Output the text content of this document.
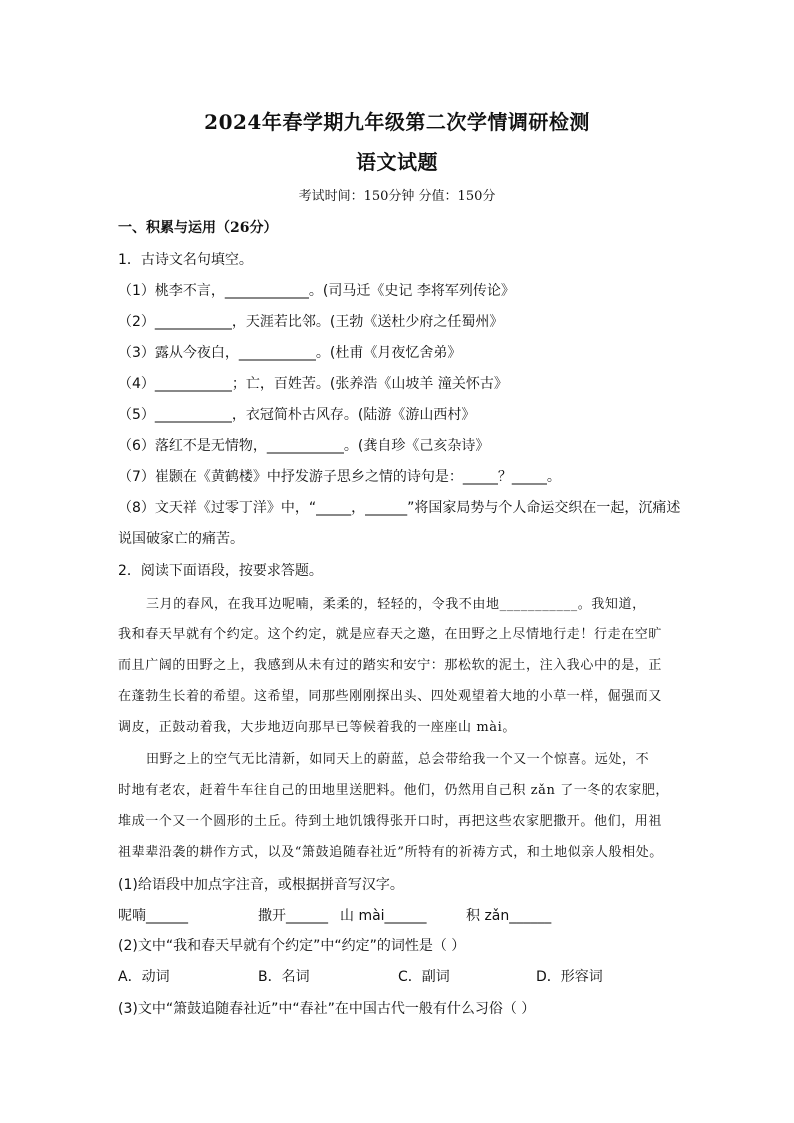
2024年春学期九年级第二次学情调研检测
语文试题
考试时间：150分钟 分值：150分
一、积累与运用（26分）
1．古诗文名句填空。
（1）桃李不言，____________。(司马迁《史记 李将军列传论》
（2）___________，天涯若比邻。(王勃《送杜少府之任蜀州》
（3）露从今夜白，___________。(杜甫《月夜忆舍弟》
（4）___________；亡，百姓苦。(张养浩《山坡羊 潼关怀古》
（5）___________，衣冠简朴古风存。(陆游《游山西村》
（6）落红不是无情物，___________。(龚自珍《己亥杂诗》
（7）崔颢在《黄鹤楼》中抒发游子思乡之情的诗句是：_____？_____。
（8）文天祥《过零丁洋》中，“_____，______”将国家局势与个人命运交织在一起，沉痛述
说国破家亡的痛苦。
2．阅读下面语段，按要求答题。
三月的春风，在我耳边呢喃，柔柔的，轻轻的，令我不由地___________。我知道，
我和春天早就有个约定。这个约定，就是应春天之邀，在田野之上尽情地行走！行走在空旷
而且广阔的田野之上，我感到从未有过的踏实和安宁：那松软的泥土，注入我心中的是，正
在蓬勃生长着的希望。这希望，同那些刚刚探出头、四处观望着大地的小草一样，倔强而又
调皮，正鼓动着我，大步地迈向那早已等候着我的一座座山 mài。
田野之上的空气无比清新，如同天上的蔚蓝，总会带给我一个又一个惊喜。远处，不
时地有老农，赶着牛车往自己的田地里送肥料。他们，仍然用自己积 zǎn 了一冬的农家肥，
堆成一个又一个圆形的土丘。待到土地饥饿得张开口时，再把这些农家肥撒开。他们，用祖
祖辈辈沿袭的耕作方式，以及“箫鼓追随春社近”所特有的祈祷方式，和土地似亲人般相处。
(1)给语段中加点字注音，或根据拼音写汉字。
呢喃______	撒开______ 山 mài______	积 zǎn______
(2)文中“我和春天早就有个约定”中“约定”的词性是（ ）
A．动词	B．名词	C．副词	D．形容词
(3)文中“箫鼓追随春社近”中“春社”在中国古代一般有什么习俗（ ）
